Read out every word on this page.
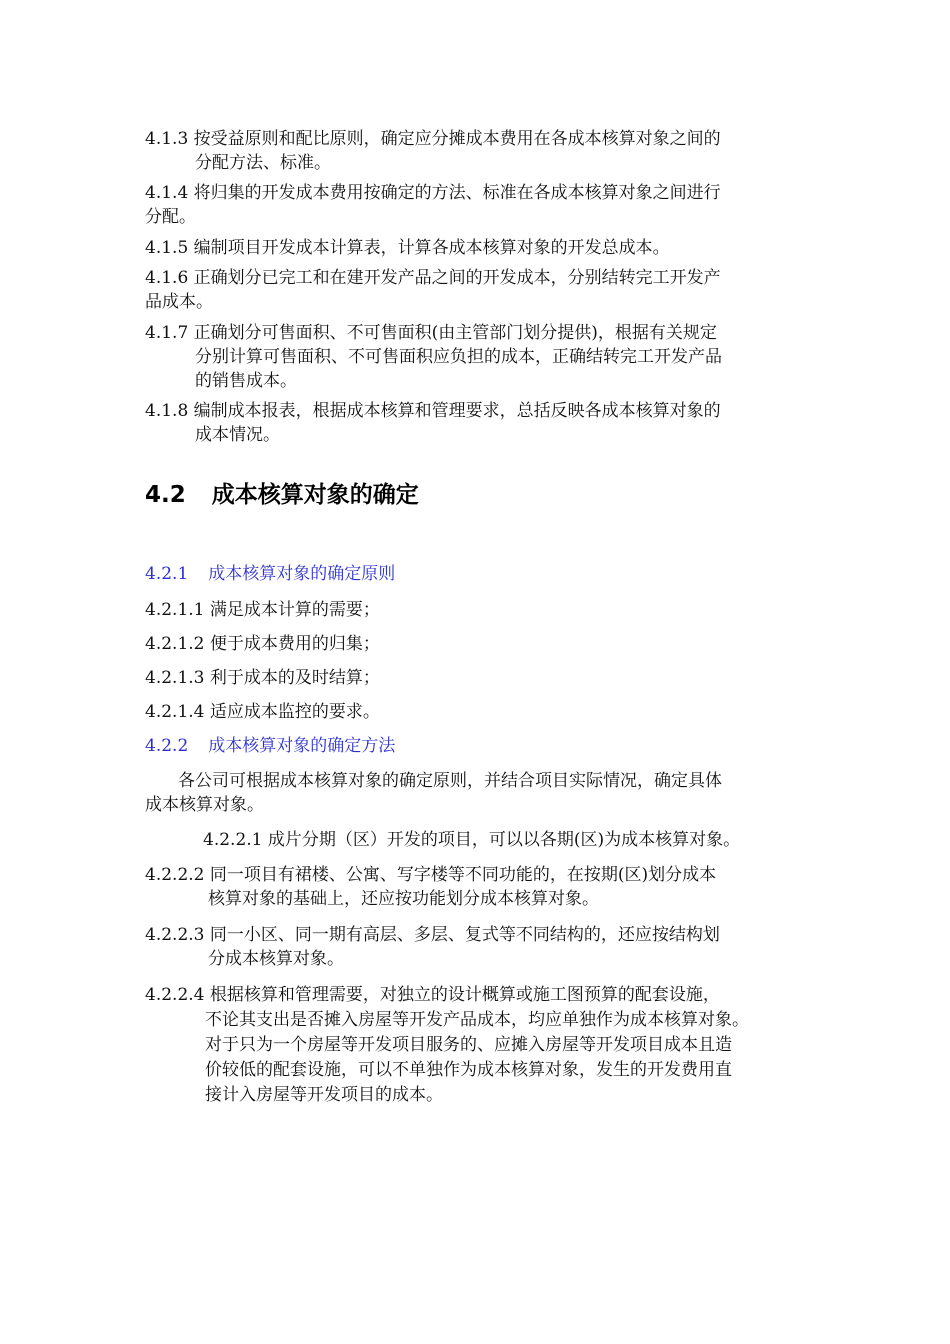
4.1.3 按受益原则和配比原则，确定应分摊成本费用在各成本核算对象之间的
分配方法、标准。
4.1.4 将归集的开发成本费用按确定的方法、标准在各成本核算对象之间进行
分配。
4.1.5 编制项目开发成本计算表，计算各成本核算对象的开发总成本。
4.1.6 正确划分已完工和在建开发产品之间的开发成本，分别结转完工开发产
品成本。
4.1.7 正确划分可售面积、不可售面积(由主管部门划分提供)，根据有关规定
分别计算可售面积、不可售面积应负担的成本，正确结转完工开发产品
的销售成本。
4.1.8 编制成本报表，根据成本核算和管理要求，总括反映各成本核算对象的
成本情况。
4.2 成本核算对象的确定
4.2.1 成本核算对象的确定原则
4.2.1.1 满足成本计算的需要；
4.2.1.2 便于成本费用的归集；
4.2.1.3 利于成本的及时结算；
4.2.1.4 适应成本监控的要求。
4.2.2 成本核算对象的确定方法
各公司可根据成本核算对象的确定原则，并结合项目实际情况，确定具体
成本核算对象。
4.2.2.1 成片分期（区）开发的项目，可以以各期(区)为成本核算对象。
4.2.2.2 同一项目有裙楼、公寓、写字楼等不同功能的，在按期(区)划分成本
核算对象的基础上，还应按功能划分成本核算对象。
4.2.2.3 同一小区、同一期有高层、多层、复式等不同结构的，还应按结构划
分成本核算对象。
4.2.2.4 根据核算和管理需要，对独立的设计概算或施工图预算的配套设施，
不论其支出是否摊入房屋等开发产品成本，均应单独作为成本核算对象。
对于只为一个房屋等开发项目服务的、应摊入房屋等开发项目成本且造
价较低的配套设施，可以不单独作为成本核算对象，发生的开发费用直
接计入房屋等开发项目的成本。
